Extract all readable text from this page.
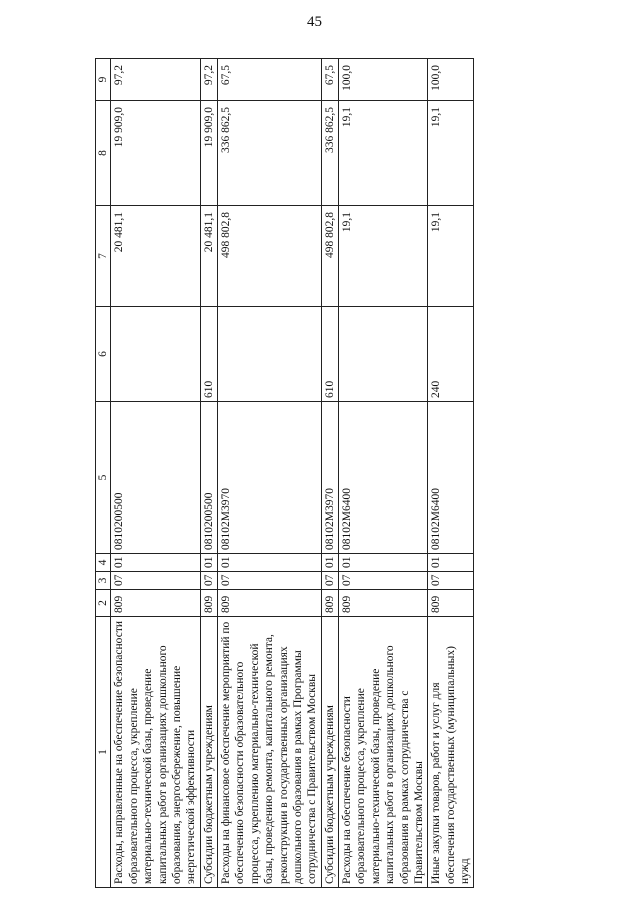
45
1	2	3	4	5	6	7	8	9
Расходы, направленные на обеспечение безопасности образовательного процесса, укрепление материально-технической базы, проведение капитальных работ в организациях дошкольного образования, энергосбережение, повышение энергетической эффективности	809	07	01	0810200500		20 481,1	19 909,0	97,2
Субсидии бюджетным учреждениям	809	07	01	0810200500	610	20 481,1	19 909,0	97,2
Расходы на финансовое обеспечение мероприятий по обеспечению безопасности образовательного процесса, укреплению материально-технической базы, проведению ремонта, капитального ремонта, реконструкции в государственных организациях дошкольного образования в рамках Программы сотрудничества с Правительством Москвы	809	07	01	08102M3970		498 802,8	336 862,5	67,5
Субсидии бюджетным учреждениям	809	07	01	08102M3970	610	498 802,8	336 862,5	67,5
Расходы на обеспечение безопасности образовательного процесса, укрепление материально-технической базы, проведение капитальных работ в организациях дошкольного образования в рамках сотрудничества с Правительством Москвы	809	07	01	08102M6400		19,1	19,1	100,0
Иные закупки товаров, работ и услуг для обеспечения государственных (муниципальных) нужд	809	07	01	08102M6400	240	19,1	19,1	100,0
